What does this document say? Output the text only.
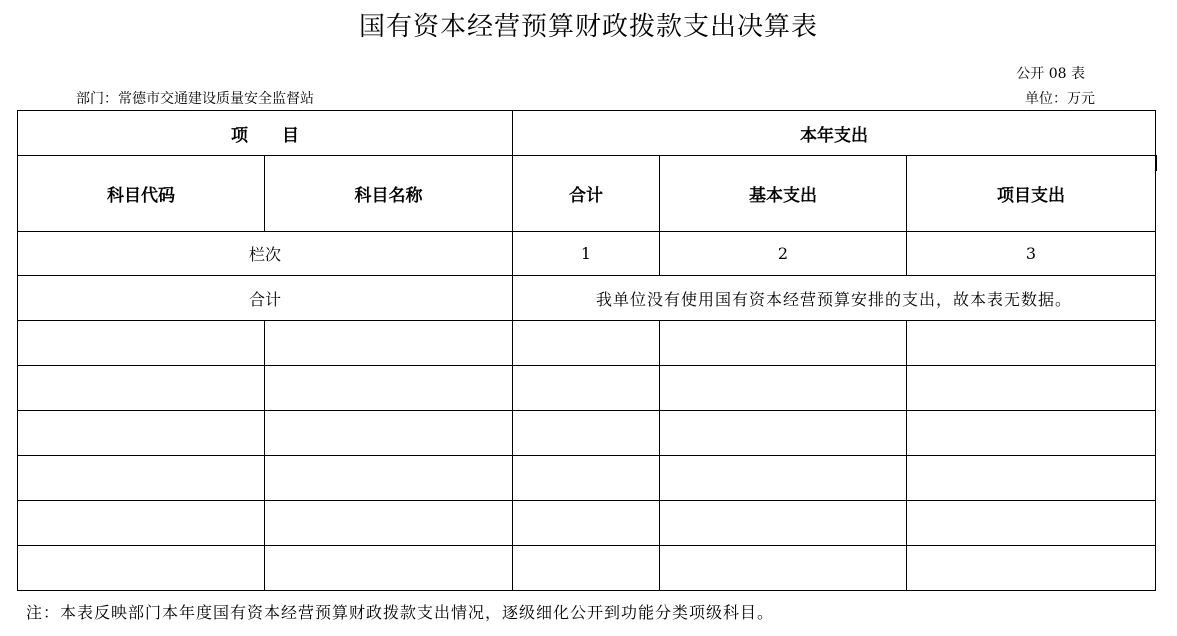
国有资本经营预算财政拨款支出决算表
公开 08 表
部门：常德市交通建设质量安全监督站	单位：万元
项　　目		本年支出		
科目代码	科目名称	合计	基本支出	项目支出
栏次		1	2	3
合计		我单位没有使用国有资本经营预算安排的支出，故本表无数据。		

注：本表反映部门本年度国有资本经营预算财政拨款支出情况，逐级细化公开到功能分类项级科目。
